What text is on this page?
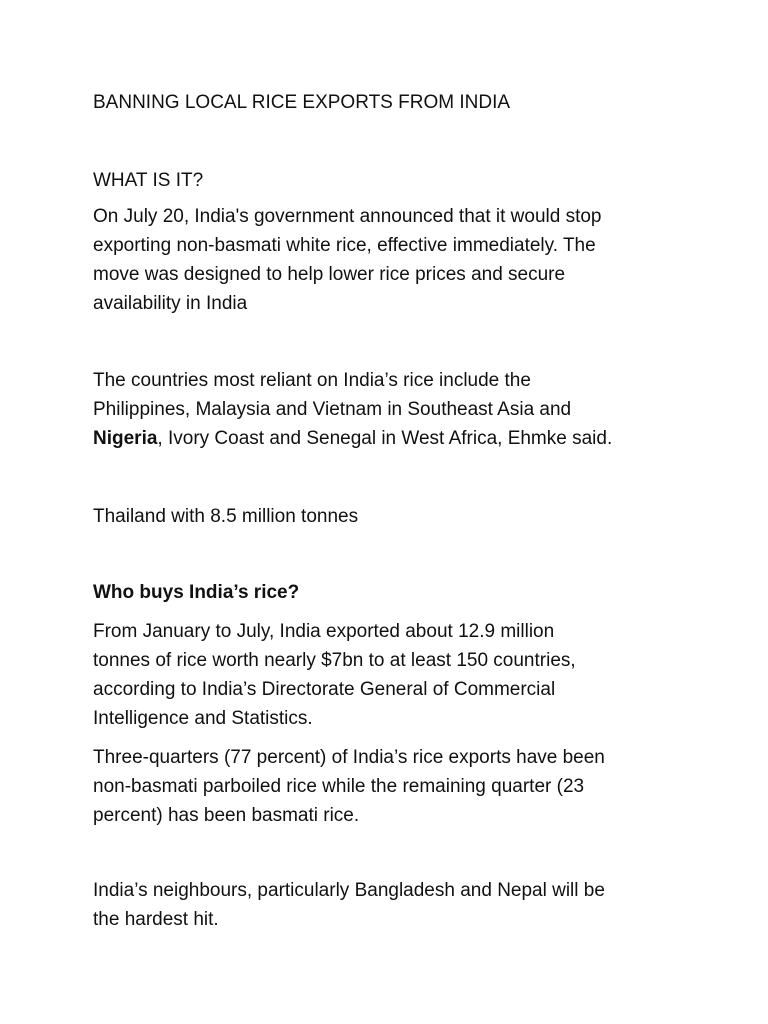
BANNING LOCAL RICE EXPORTS FROM INDIA

WHAT IS IT?

On July 20, India's government announced that it would stop
exporting non-basmati white rice, effective immediately. The
move was designed to help lower rice prices and secure
availability in India

The countries most reliant on India’s rice include the
Philippines, Malaysia and Vietnam in Southeast Asia and
Nigeria, Ivory Coast and Senegal in West Africa, Ehmke said.

Thailand with 8.5 million tonnes

Who buys India’s rice?

From January to July, India exported about 12.9 million
tonnes of rice worth nearly $7bn to at least 150 countries,
according to India’s Directorate General of Commercial
Intelligence and Statistics.

Three-quarters (77 percent) of India’s rice exports have been
non-basmati parboiled rice while the remaining quarter (23
percent) has been basmati rice.

India’s neighbours, particularly Bangladesh and Nepal will be
the hardest hit.
